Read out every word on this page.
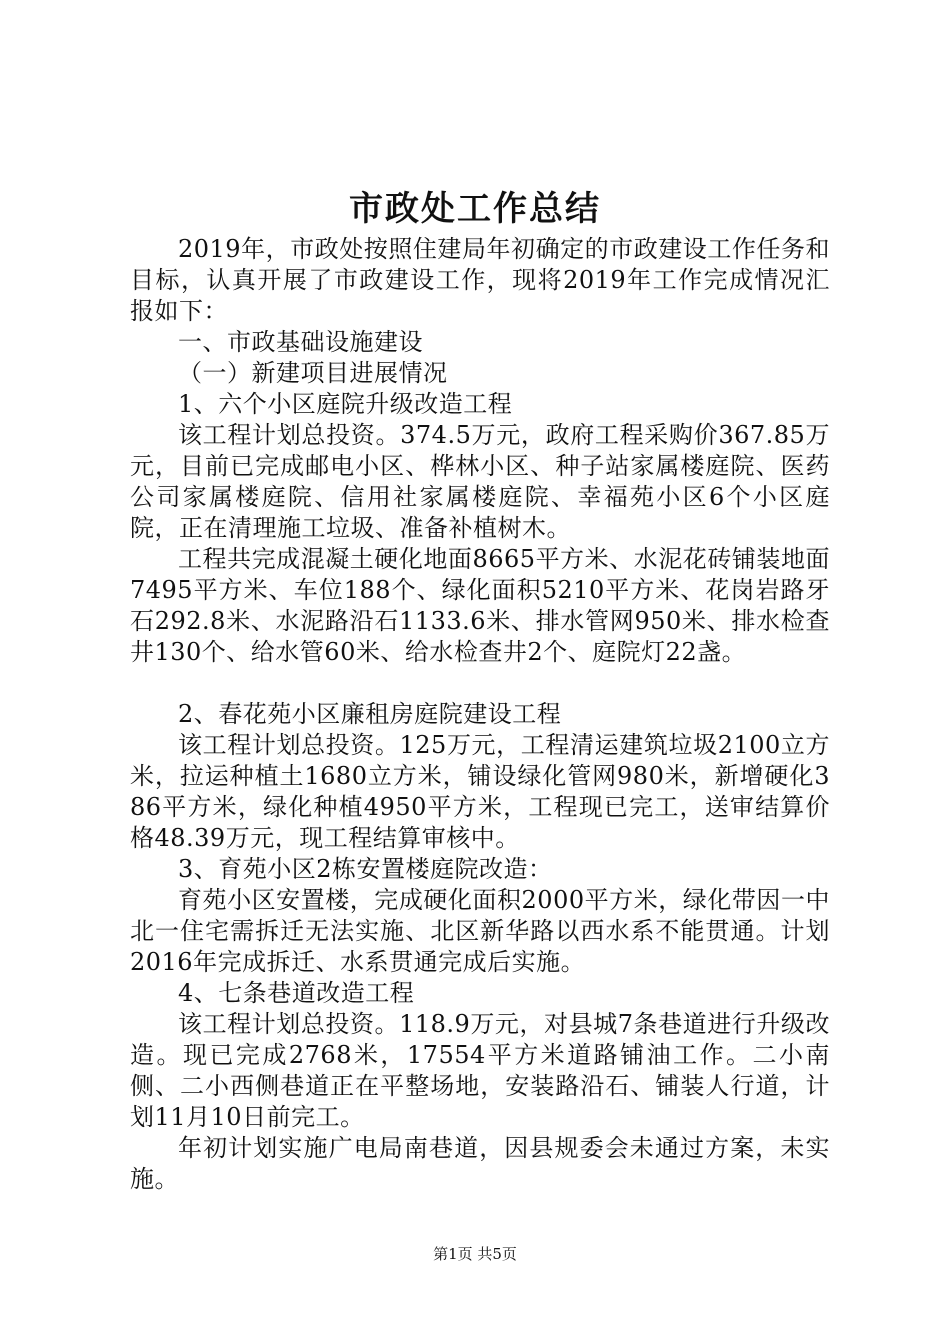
市政处工作总结

2019年，市政处按照住建局年初确定的市政建设工作任务和目标，认真开展了市政建设工作，现将2019年工作完成情况汇报如下：

一、市政基础设施建设

（一）新建项目进展情况

1、六个小区庭院升级改造工程

该工程计划总投资。374.5万元，政府工程采购价367.85万元，目前已完成邮电小区、桦林小区、种子站家属楼庭院、医药公司家属楼庭院、信用社家属楼庭院、幸福苑小区6个小区庭院，正在清理施工垃圾、准备补植树木。

工程共完成混凝土硬化地面8665平方米、水泥花砖铺装地面7495平方米、车位188个、绿化面积5210平方米、花岗岩路牙石292.8米、水泥路沿石1133.6米、排水管网950米、排水检查井130个、给水管60米、给水检查井2个、庭院灯22盏。

2、春花苑小区廉租房庭院建设工程

该工程计划总投资。125万元，工程清运建筑垃圾2100立方米，拉运种植土1680立方米，铺设绿化管网980米，新增硬化386平方米，绿化种植4950平方米，工程现已完工，送审结算价格48.39万元，现工程结算审核中。

3、育苑小区2栋安置楼庭院改造：

育苑小区安置楼，完成硬化面积2000平方米，绿化带因一中北一住宅需拆迁无法实施、北区新华路以西水系不能贯通。计划2016年完成拆迁、水系贯通完成后实施。

4、七条巷道改造工程

该工程计划总投资。118.9万元，对县城7条巷道进行升级改造。现已完成2768米，17554平方米道路铺油工作。二小南侧、二小西侧巷道正在平整场地，安装路沿石、铺装人行道，计划11月10日前完工。

年初计划实施广电局南巷道，因县规委会未通过方案，未实施。

第1页 共5页
